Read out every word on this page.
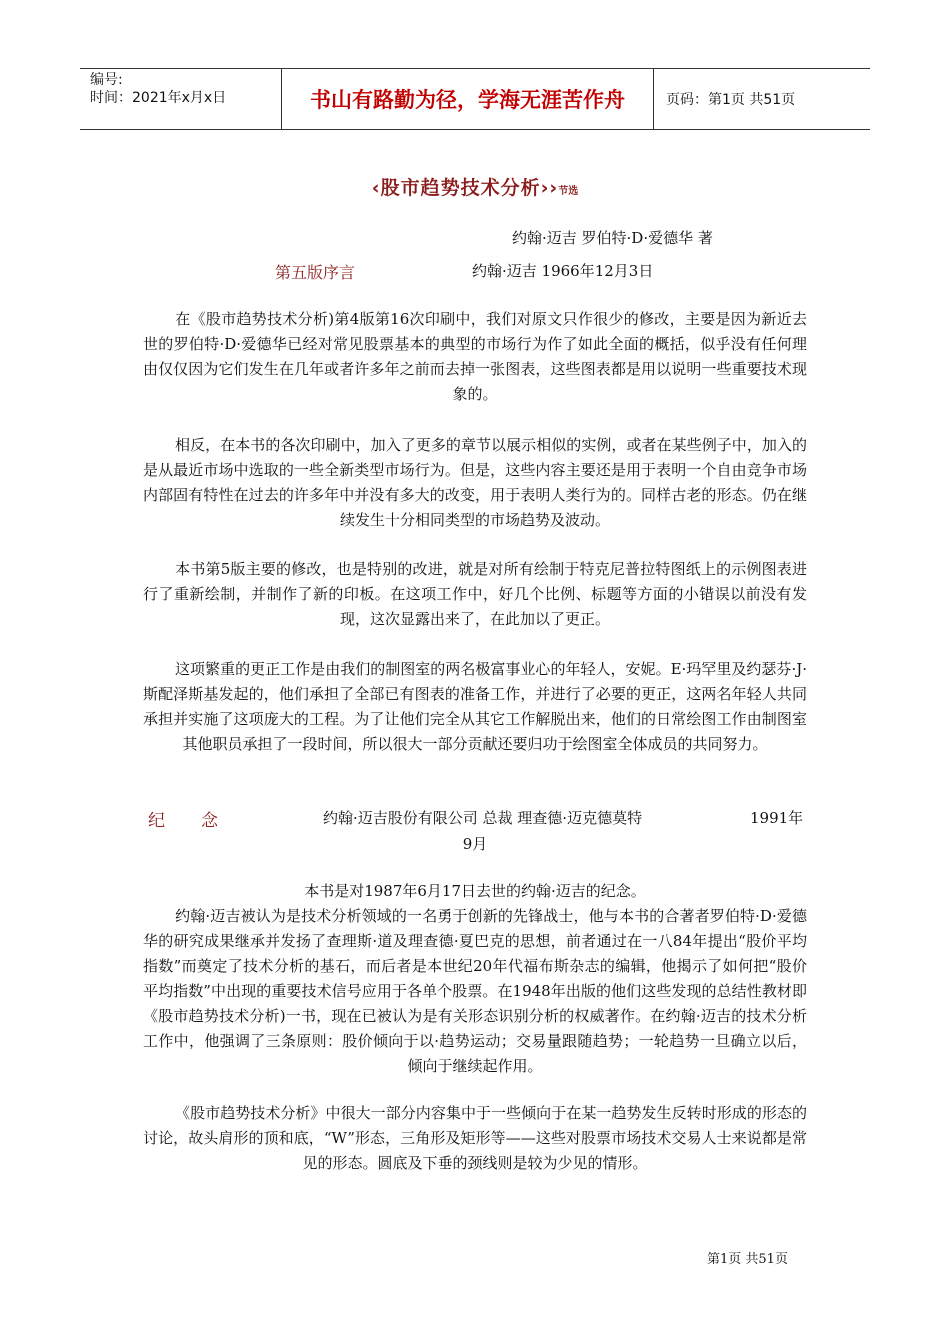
编号:
时间：2021年x月x日	书山有路勤为径，学海无涯苦作舟	页码：第1页 共51页
‹股市趋势技术分析››节选
约翰·迈吉 罗伯特·D·爱德华 著
第五版序言	约翰·迈吉 1966年12月3日

在《股市趋势技术分析)第4版第16次印刷中，我们对原文只作很少的修改，主要是因为新近去世的罗伯特·D·爱德华已经对常见股票基本的典型的市场行为作了如此全面的概括，似乎没有任何理由仅仅因为它们发生在几年或者许多年之前而去掉一张图表，这些图表都是用以说明一些重要技术现象的。

相反，在本书的各次印刷中，加入了更多的章节以展示相似的实例，或者在某些例子中，加入的是从最近市场中选取的一些全新类型市场行为。但是，这些内容主要还是用于表明一个自由竞争市场内部固有特性在过去的许多年中并没有多大的改变，用于表明人类行为的。同样古老的形态。仍在继续发生十分相同类型的市场趋势及波动。

本书第5版主要的修改，也是特别的改进，就是对所有绘制于特克尼普拉特图纸上的示例图表进行了重新绘制，并制作了新的印板。在这项工作中，好几个比例、标题等方面的小错误以前没有发现，这次显露出来了，在此加以了更正。

这项繁重的更正工作是由我们的制图室的两名极富事业心的年轻人，安妮。E·玛罕里及约瑟芬·J·斯配泽斯基发起的，他们承担了全部已有图表的准备工作，并进行了必要的更正，这两名年轻人共同承担并实施了这项庞大的工程。为了让他们完全从其它工作解脱出来，他们的日常绘图工作由制图室其他职员承担了一段时间，所以很大一部分贡献还要归功于绘图室全体成员的共同努力。

纪念	约翰·迈吉股份有限公司 总裁 理查德·迈克德莫特	1991年
9月

本书是对1987年6月17日去世的约翰·迈吉的纪念。

约翰·迈吉被认为是技术分析领域的一名勇于创新的先锋战士，他与本书的合著者罗伯特·D·爱德华的研究成果继承并发扬了查理斯·道及理查德·夏巴克的思想，前者通过在一八84年提出“股价平均指数”而奠定了技术分析的基石，而后者是本世纪20年代福布斯杂志的编辑，他揭示了如何把“股价平均指数”中出现的重要技术信号应用于各单个股票。在1948年出版的他们这些发现的总结性教材即《股市趋势技术分析)一书，现在已被认为是有关形态识别分析的权威著作。在约翰·迈吉的技术分析工作中，他强调了三条原则：股价倾向于以·趋势运动；交易量跟随趋势；一轮趋势一旦确立以后，倾向于继续起作用。

《股市趋势技术分析》中很大一部分内容集中于一些倾向于在某一趋势发生反转时形成的形态的讨论，故头肩形的顶和底，“W”形态，三角形及矩形等——这些对股票市场技术交易人士来说都是常见的形态。圆底及下垂的颈线则是较为少见的情形。

第1页 共51页
